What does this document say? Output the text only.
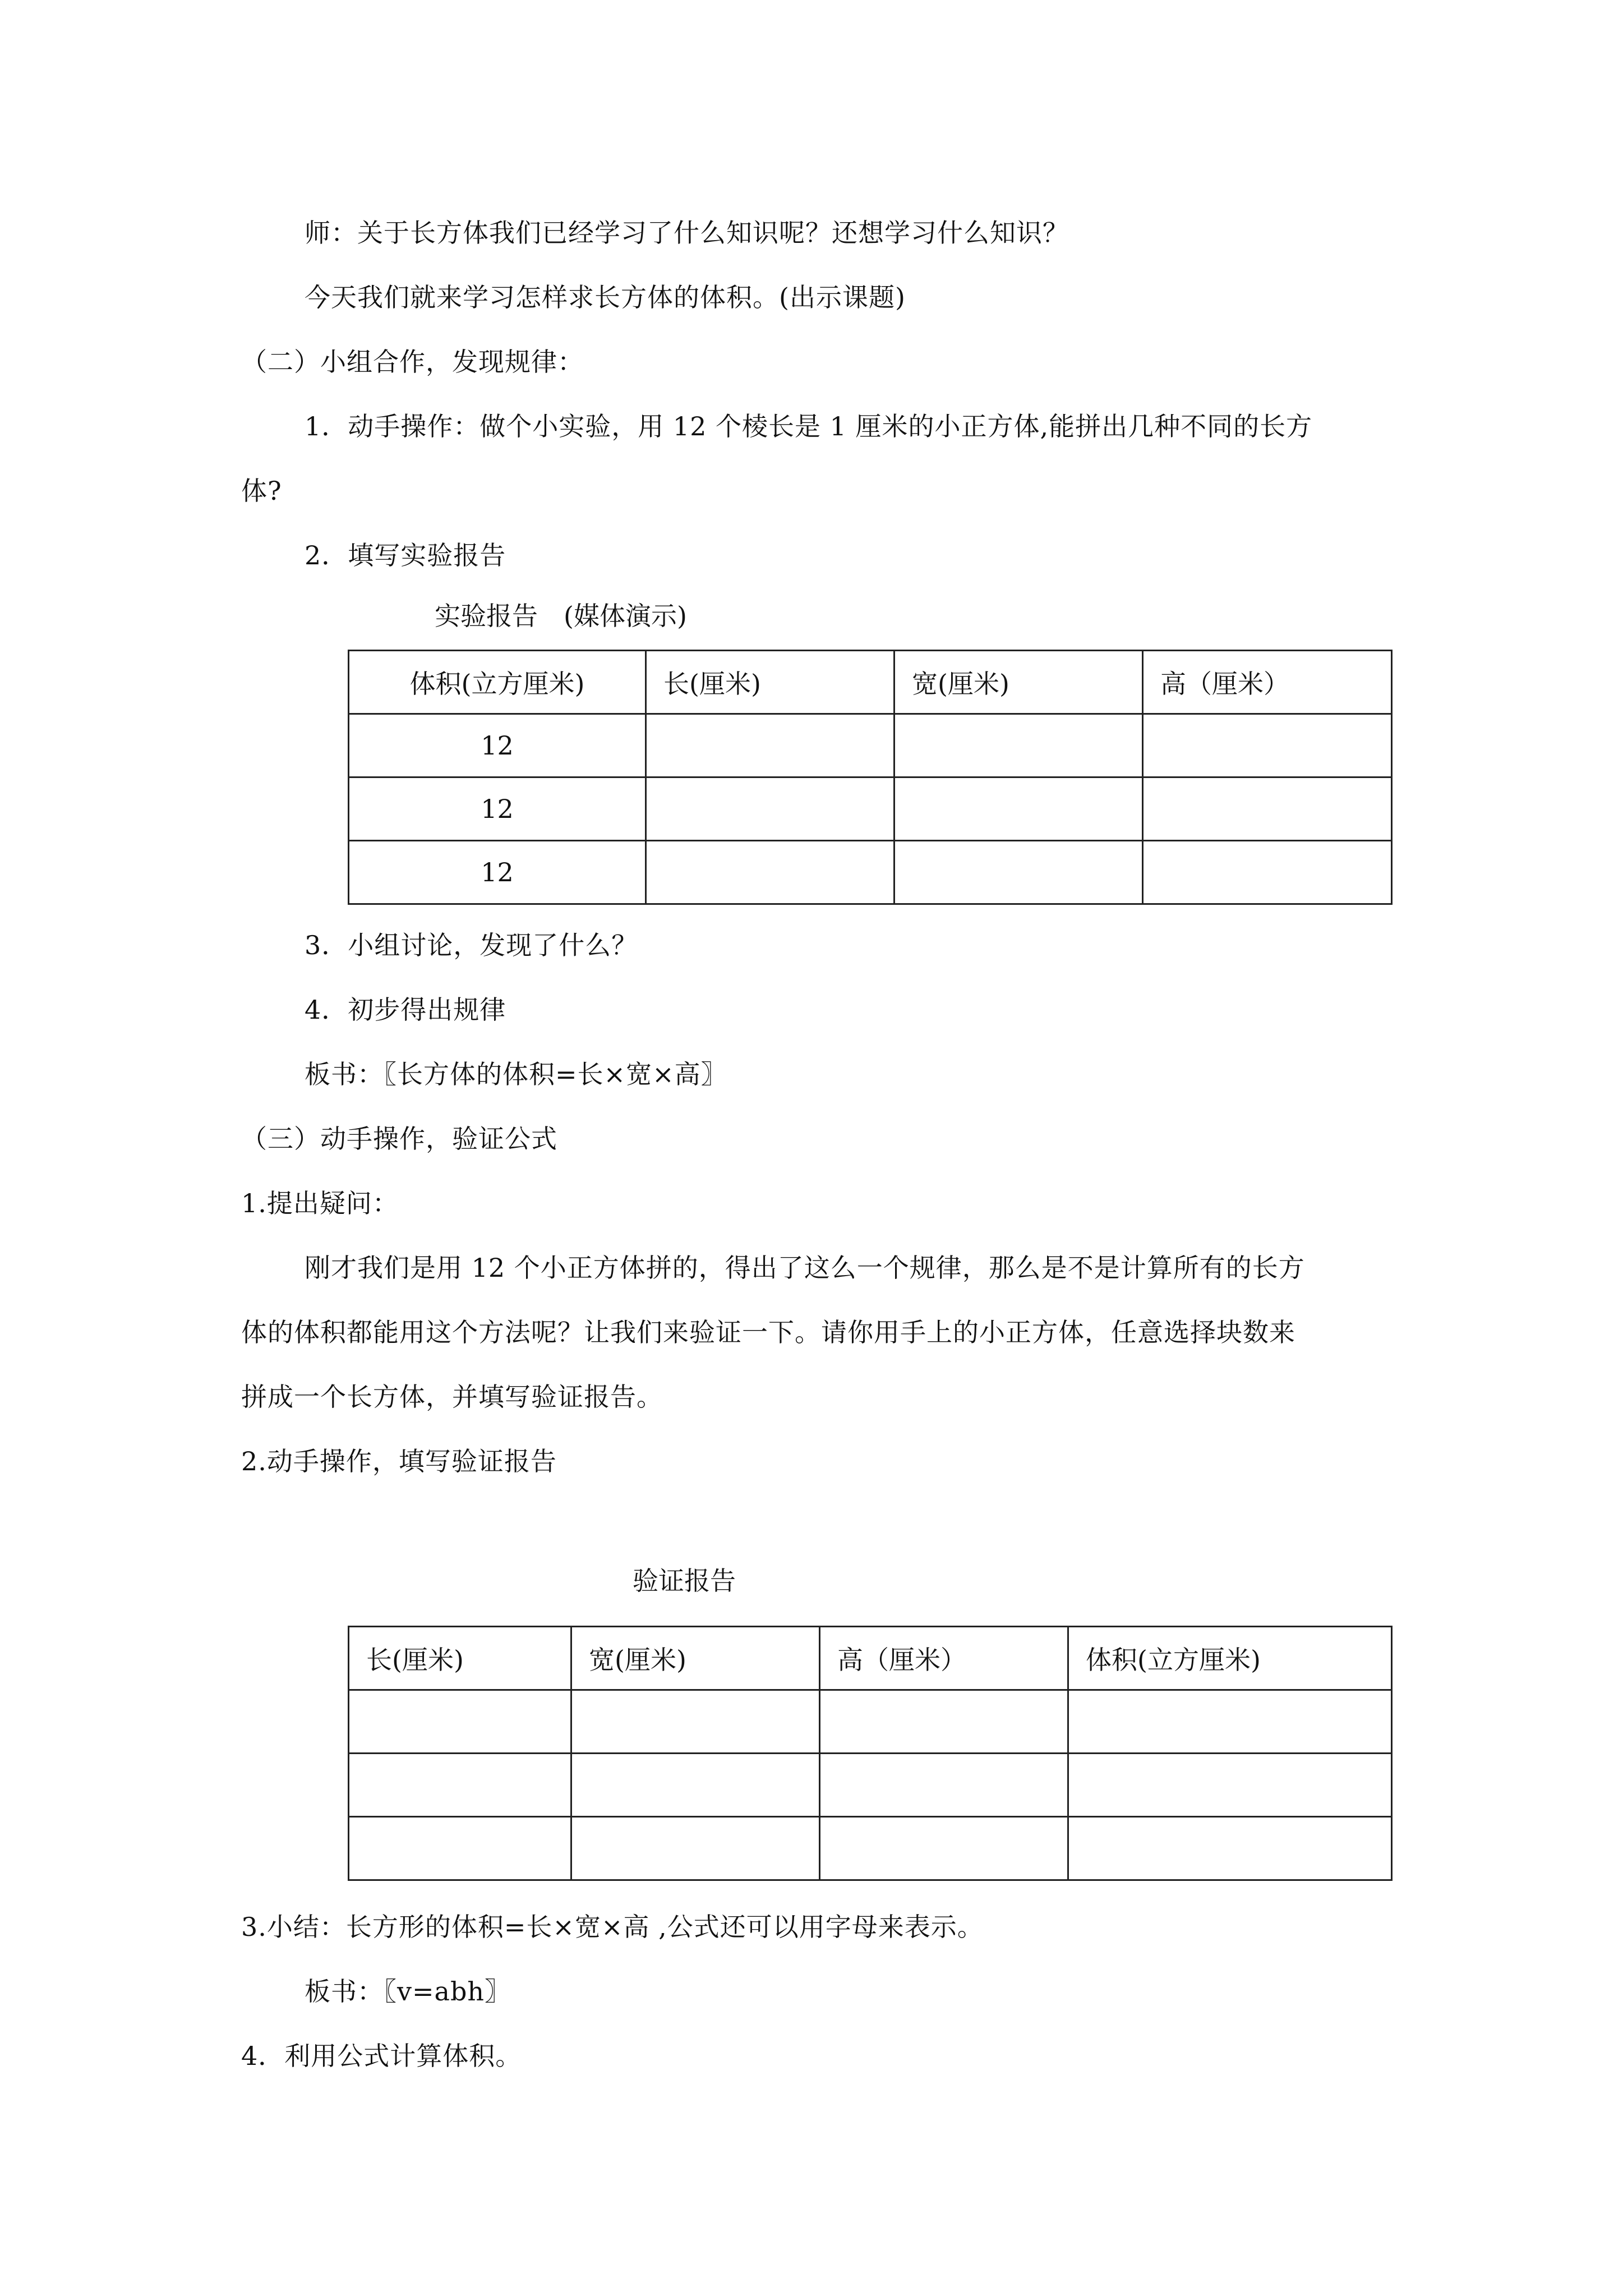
师：关于长方体我们已经学习了什么知识呢？还想学习什么知识？
今天我们就来学习怎样求长方体的体积。(出示课题)
（二）小组合作，发现规律：
1．动手操作：做个小实验，用 12 个棱长是 1 厘米的小正方体,能拼出几种不同的长方
体?
2．填写实验报告
实验报告　(媒体演示)
体积(立方厘米)	长(厘米)	宽(厘米)	高（厘米）
12			
12			
12			
3．小组讨论，发现了什么？
4．初步得出规律
板书：〖长方体的体积=长×宽×高〗
（三）动手操作，验证公式
1.提出疑问：
刚才我们是用 12 个小正方体拼的，得出了这么一个规律，那么是不是计算所有的长方
体的体积都能用这个方法呢？让我们来验证一下。请你用手上的小正方体，任意选择块数来
拼成一个长方体，并填写验证报告。
2.动手操作，填写验证报告
验证报告
长(厘米)	宽(厘米)	高（厘米）	体积(立方厘米)

3.小结：长方形的体积=长×宽×高 ,公式还可以用字母来表示。
板书：〖v=abh〗
4．利用公式计算体积。
